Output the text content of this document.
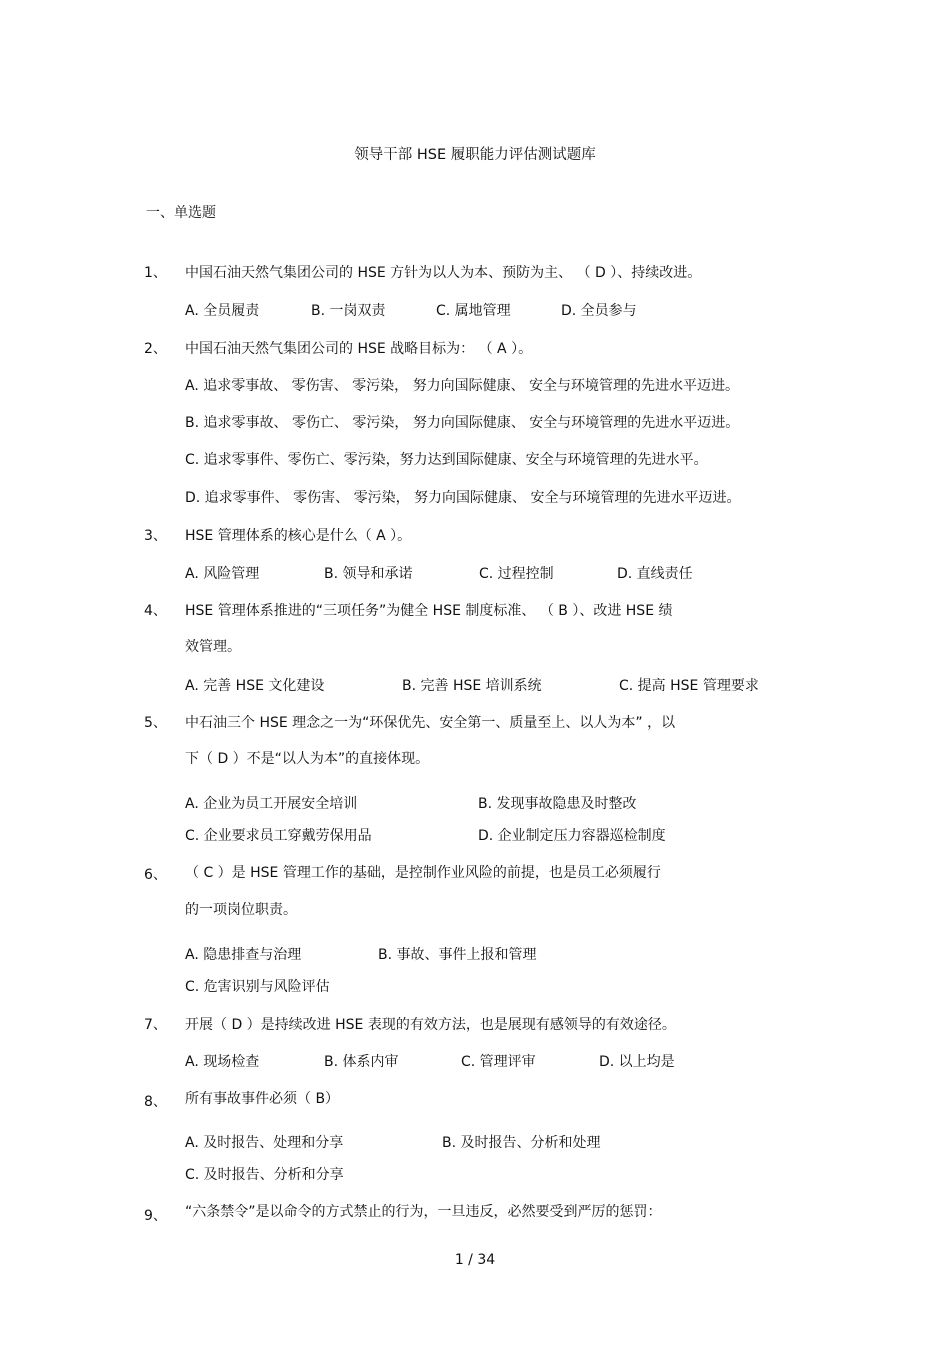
领导干部 HSE 履职能力评估测试题库
一、单选题
1、 中国石油天然气集团公司的 HSE 方针为以人为本、预防为主、 （ D ）、持续改进。
A. 全员履责	B. 一岗双责	C. 属地管理	D. 全员参与
2、 中国石油天然气集团公司的 HSE 战略目标为： （ A ）。
A. 追求零事故、 零伤害、 零污染， 努力向国际健康、 安全与环境管理的先进水平迈进。
B. 追求零事故、 零伤亡、 零污染， 努力向国际健康、 安全与环境管理的先进水平迈进。
C. 追求零事件、零伤亡、零污染，努力达到国际健康、安全与环境管理的先进水平。
D. 追求零事件、 零伤害、 零污染， 努力向国际健康、 安全与环境管理的先进水平迈进。
3、 HSE 管理体系的核心是什么（ A ）。
A. 风险管理	B. 领导和承诺	C. 过程控制	D. 直线责任
4、 HSE 管理体系推进的“三项任务”为健全 HSE 制度标准、 （ B ）、改进 HSE 绩
效管理。
A. 完善 HSE 文化建设	B. 完善 HSE 培训系统	C. 提高 HSE 管理要求
5、 中石油三个 HSE 理念之一为“环保优先、安全第一、质量至上、以人为本” ，以
下（ D ）不是“以人为本”的直接体现。
A. 企业为员工开展安全培训	B. 发现事故隐患及时整改
C. 企业要求员工穿戴劳保用品	D. 企业制定压力容器巡检制度
6、 （ C ）是 HSE 管理工作的基础，是控制作业风险的前提，也是员工必须履行
的一项岗位职责。
A. 隐患排查与治理	B. 事故、事件上报和管理
C. 危害识别与风险评估
7、 开展（ D ）是持续改进 HSE 表现的有效方法，也是展现有感领导的有效途径。
A. 现场检查	B. 体系内审	C. 管理评审	D. 以上均是
8、 所有事故事件必须（ B）
A. 及时报告、处理和分享	B. 及时报告、分析和处理
C. 及时报告、分析和分享
9、 “六条禁令”是以命令的方式禁止的行为，一旦违反，必然要受到严厉的惩罚：
1 / 34
